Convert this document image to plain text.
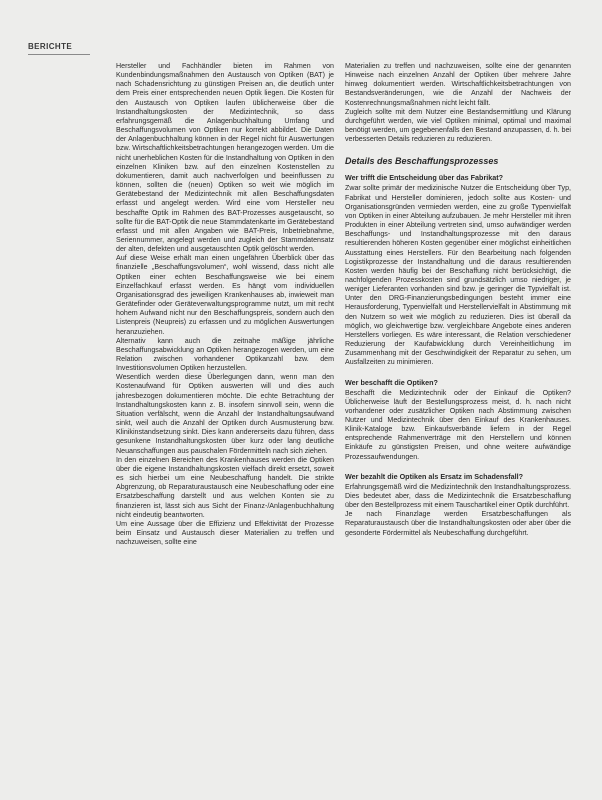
BERICHTE

Hersteller und Fachhändler bieten im Rahmen von Kundenbindungsmaßnahmen den Austausch von Optiken (BAT) je nach Schadensrichtung zu günstigen Preisen an, die deutlich unter dem Preis einer entsprechenden neuen Optik liegen. Die Kosten für den Austausch von Optiken laufen üblicherweise über die Instandhaltungskosten der Medizintechnik, so dass erfahrungsgemäß die Anlagenbuchhaltung Umfang und Beschaffungsvolumen von Optiken nur korrekt abbildet. Die Daten der Anlagenbuchhaltung können in der Regel nicht für Auswertungen bzw. Wirtschaftlichkeitsbetrachtungen herangezogen werden. Um die nicht unerheblichen Kosten für die Instandhaltung von Optiken in den einzelnen Kliniken bzw. auf den einzelnen Kostenstellen zu dokumentieren, damit auch nachverfolgen und beeinflussen zu können, sollten die (neuen) Optiken so weit wie möglich im Gerätebestand der Medizintechnik mit allen Beschaffungsdaten erfasst und angelegt werden. Wird eine vom Hersteller neu beschaffte Optik im Rahmen des BAT-Prozesses ausgetauscht, so sollte für die BAT-Optik die neue Stammdatenkarte im Gerätebestand erfasst und mit allen Angaben wie BAT-Preis, Inbetriebnahme, Seriennummer, angelegt werden und zugleich der Stammdatensatz der alten, defekten und ausgetauschten Optik gelöscht werden.

Auf diese Weise erhält man einen ungefähren Überblick über das finanzielle „Beschaffungsvolumen“, wohl wissend, dass nicht alle Optiken einer echten Beschaffungsweise wie bei einem Einzelfachkauf erfasst werden. Es hängt vom individuellen Organisationsgrad des jeweiligen Krankenhauses ab, inwieweit man Gerätefinder oder Geräteverwaltungsprogramme nutzt, um mit recht hohem Aufwand nicht nur den Beschaffungspreis, sondern auch den Listenpreis (Neupreis) zu erfassen und zu möglichen Auswertungen heranzuziehen.

Alternativ kann auch die zeitnahe mäßige jährliche Beschaffungsabwicklung an Optiken herangezogen werden, um eine Relation zwischen vorhandener Optikanzahl bzw. dem Investitionsvolumen Optiken herzustellen.

Wesentlich werden diese Überlegungen dann, wenn man den Kostenaufwand für Optiken auswerten will und dies auch jahresbezogen dokumentieren möchte. Die echte Betrachtung der Instandhaltungskosten kann z. B. insofern sinnvoll sein, wenn die Situation verfälscht, wenn die Anzahl der Instandhaltungsaufwand sinkt, weil auch die Anzahl der Optiken durch Ausmusterung bzw. Klinikinstandsetzung sinkt. Dies kann andererseits dazu führen, dass gesunkene Instandhaltungskosten über kurz oder lang deutliche Neuanschaffungen aus pauschalen Fördermitteln nach sich ziehen.

In den einzelnen Bereichen des Krankenhauses werden die Optiken über die eigene Instandhaltungskosten vielfach direkt ersetzt, soweit es sich hierbei um eine Neubeschaffung handelt. Die strikte Abgrenzung, ob Reparaturaustausch eine Neubeschaffung oder eine Ersatzbeschaffung darstellt und aus welchen Konten sie zu finanzieren ist, lässt sich aus Sicht der Finanz-/Anlagenbuchhaltung nicht eindeutig beantworten.

Um eine Aussage über die Effizienz und Effektivität der Prozesse beim Einsatz und Austausch dieser Materialien zu treffen und nachzuweisen, sollte eine

Materialien zu treffen und nachzuweisen, sollte eine der genannten Hinweise nach einzelnen Anzahl der Optiken über mehrere Jahre hinweg dokumentiert werden. Wirtschaftlichkeitsbetrachtungen von Bestandsveränderungen, wie die Anzahl der Nachweis der Kostenrechnungsmaßnahmen nicht leicht fällt.

Zugleich sollte mit dem Nutzer eine Bestandsermittlung und Klärung durchgeführt werden, wie viel Optiken minimal, optimal und maximal benötigt werden, um gegebenenfalls den Bestand anzupassen, d. h. bei verbesserten Details reduzieren zu reduzieren.

Details des Beschaffungsprozesses
Wer trifft die Entscheidung über das Fabrikat?

Zwar sollte primär der medizinische Nutzer die Entscheidung über Typ, Fabrikat und Hersteller dominieren, jedoch sollte aus Kosten- und Organisationsgründen vermieden werden, eine zu große Typenvielfalt von Optiken in einer Abteilung aufzubauen. Je mehr Hersteller mit ihren Produkten in einer Abteilung vertreten sind, umso aufwändiger werden Beschaffungs- und Instandhaltungsprozesse mit den daraus resultierenden höheren Kosten gegenüber einer möglichst einheitlichen Ausstattung eines Herstellers. Für den Bearbeitung nach folgenden Logistikprozesse der Instandhaltung und die daraus resultierenden Kosten werden häufig bei der Beschaffung nicht berücksichtigt, die nachfolgenden Prozesskosten sind grundsätzlich umso niedriger, je weniger Lieferanten vorhanden sind bzw. je geringer die Typvielfalt ist. Unter den DRG-Finanzierungsbedingungen besteht immer eine Herausforderung, Typenvielfalt und Herstellervielfalt in Abstimmung mit den Nutzern so weit wie möglich zu reduzieren. Dies ist überall da möglich, wo gleichwertige bzw. vergleichbare Angebote eines anderen Herstellers vorliegen. Es wäre interessant, die Relation verschiedener Reduzierung der Kaufabwicklung durch Vereinheitlichung im Zusammenhang mit der Geschwindigkeit der Reparatur zu sehen, um Ausfallzeiten zu minimieren.

Wer beschafft die Optiken?

Beschafft die Medizintechnik oder der Einkauf die Optiken? Üblicherweise läuft der Bestellungsprozess meist, d. h. nach nicht vorhandener oder zusätzlicher Optiken nach Abstimmung zwischen Nutzer und Medizintechnik über den Einkauf des Krankenhauses. Klinik-Kataloge bzw. Einkaufsverbände liefern in der Regel entsprechende Rahmenverträge mit den Herstellern und können Einkäufe zu günstigsten Preisen, und ohne weitere aufwändige Prozessaufwendungen.

Wer bezahlt die Optiken als Ersatz im Schadensfall?

Erfahrungsgemäß wird die Medizintechnik den Instandhaltungsprozess. Dies bedeutet aber, dass die Medizintechnik die Ersatzbeschaffung über den Bestellprozess mit einem Tauschartikel einer Optik durchführt.

Je nach Finanzlage werden Ersatzbeschaffungen als Reparaturaustausch über die Instandhaltungskosten oder aber über die gesonderte Fördermittel als Neubeschaffung durchgeführt.
